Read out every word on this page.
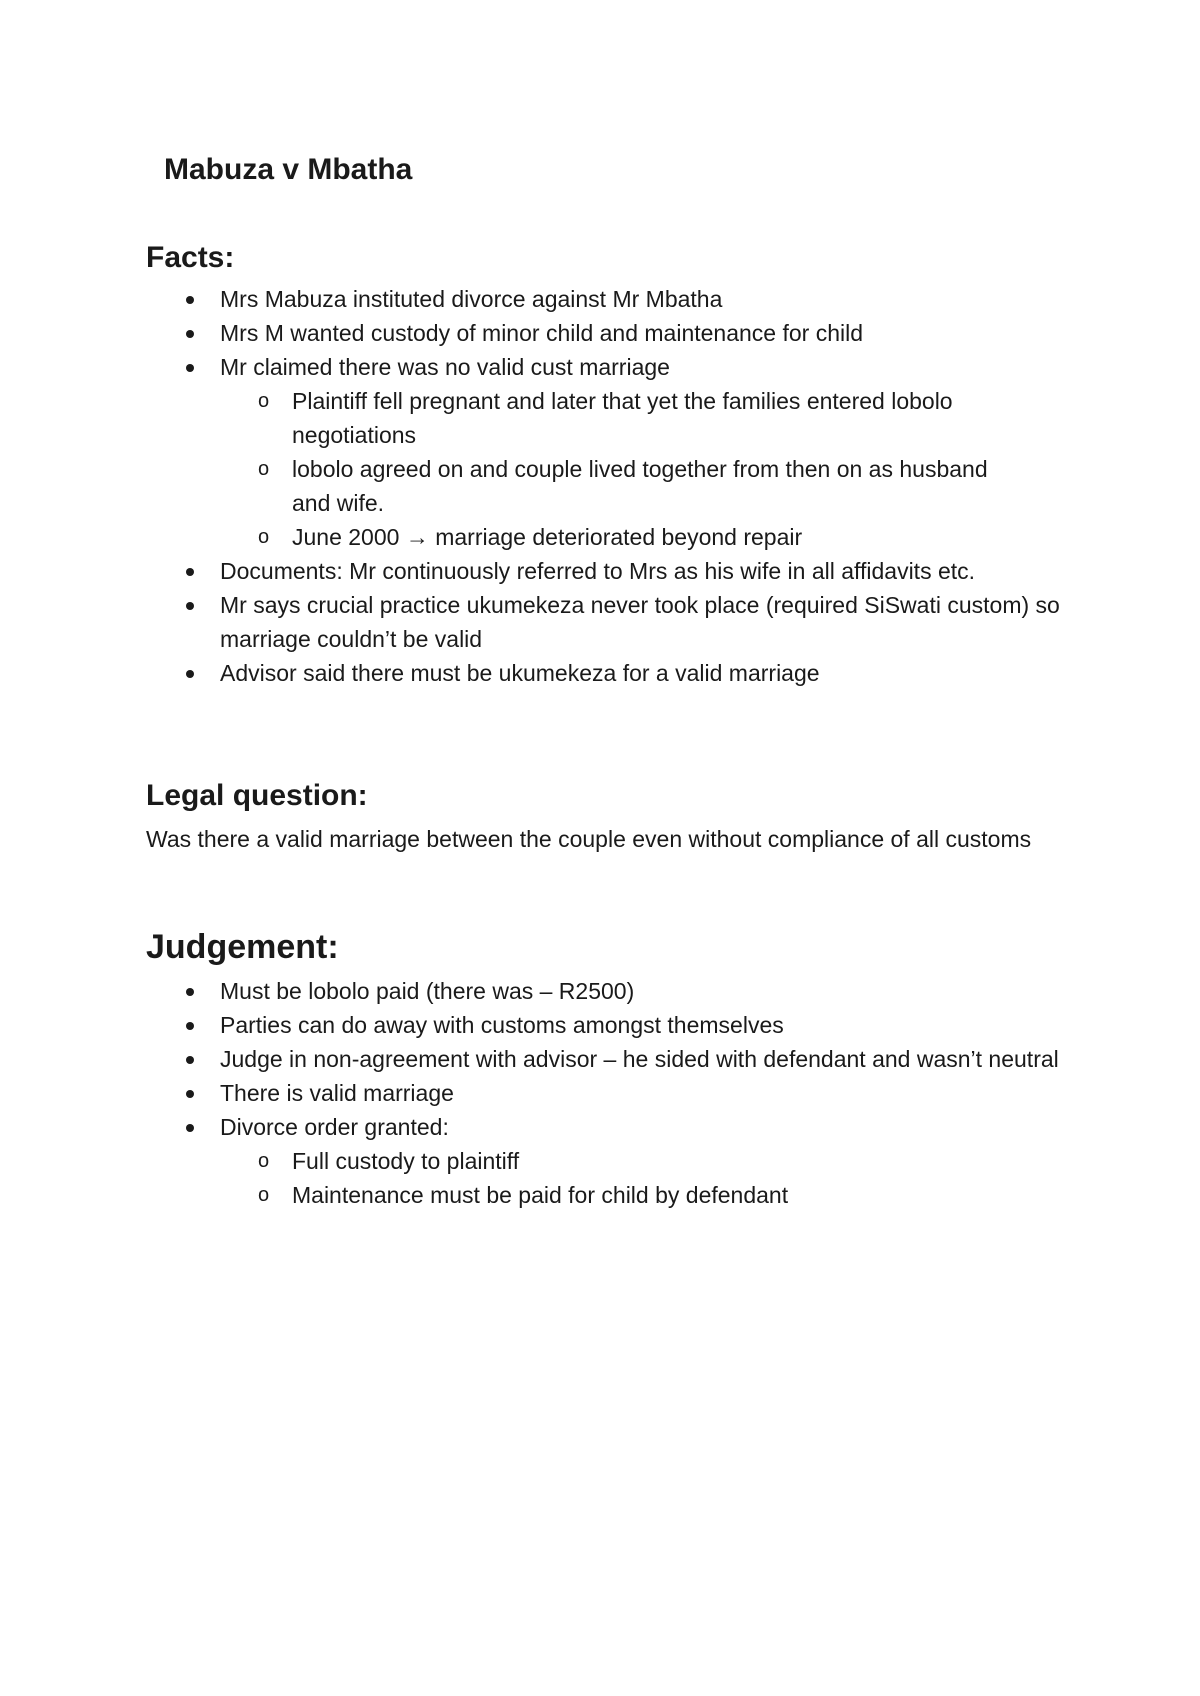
Mabuza v Mbatha
Facts:
Mrs Mabuza instituted divorce against Mr Mbatha
Mrs M wanted custody of minor child and maintenance for child
Mr claimed there was no valid cust marriage
o Plaintiff fell pregnant and later that yet the families entered lobolo negotiations
o lobolo agreed on and couple lived together from then on as husband and wife.
o June 2000 → marriage deteriorated beyond repair
Documents: Mr continuously referred to Mrs as his wife in all affidavits etc.
Mr says crucial practice ukumekeza never took place (required SiSwati custom) so marriage couldn’t be valid
Advisor said there must be ukumekeza for a valid marriage
Legal question:

Was there a valid marriage between the couple even without compliance of all customs

Judgement:
Must be lobolo paid (there was – R2500)
Parties can do away with customs amongst themselves
Judge in non-agreement with advisor – he sided with defendant and wasn’t neutral
There is valid marriage
Divorce order granted:
o Full custody to plaintiff
o Maintenance must be paid for child by defendant
